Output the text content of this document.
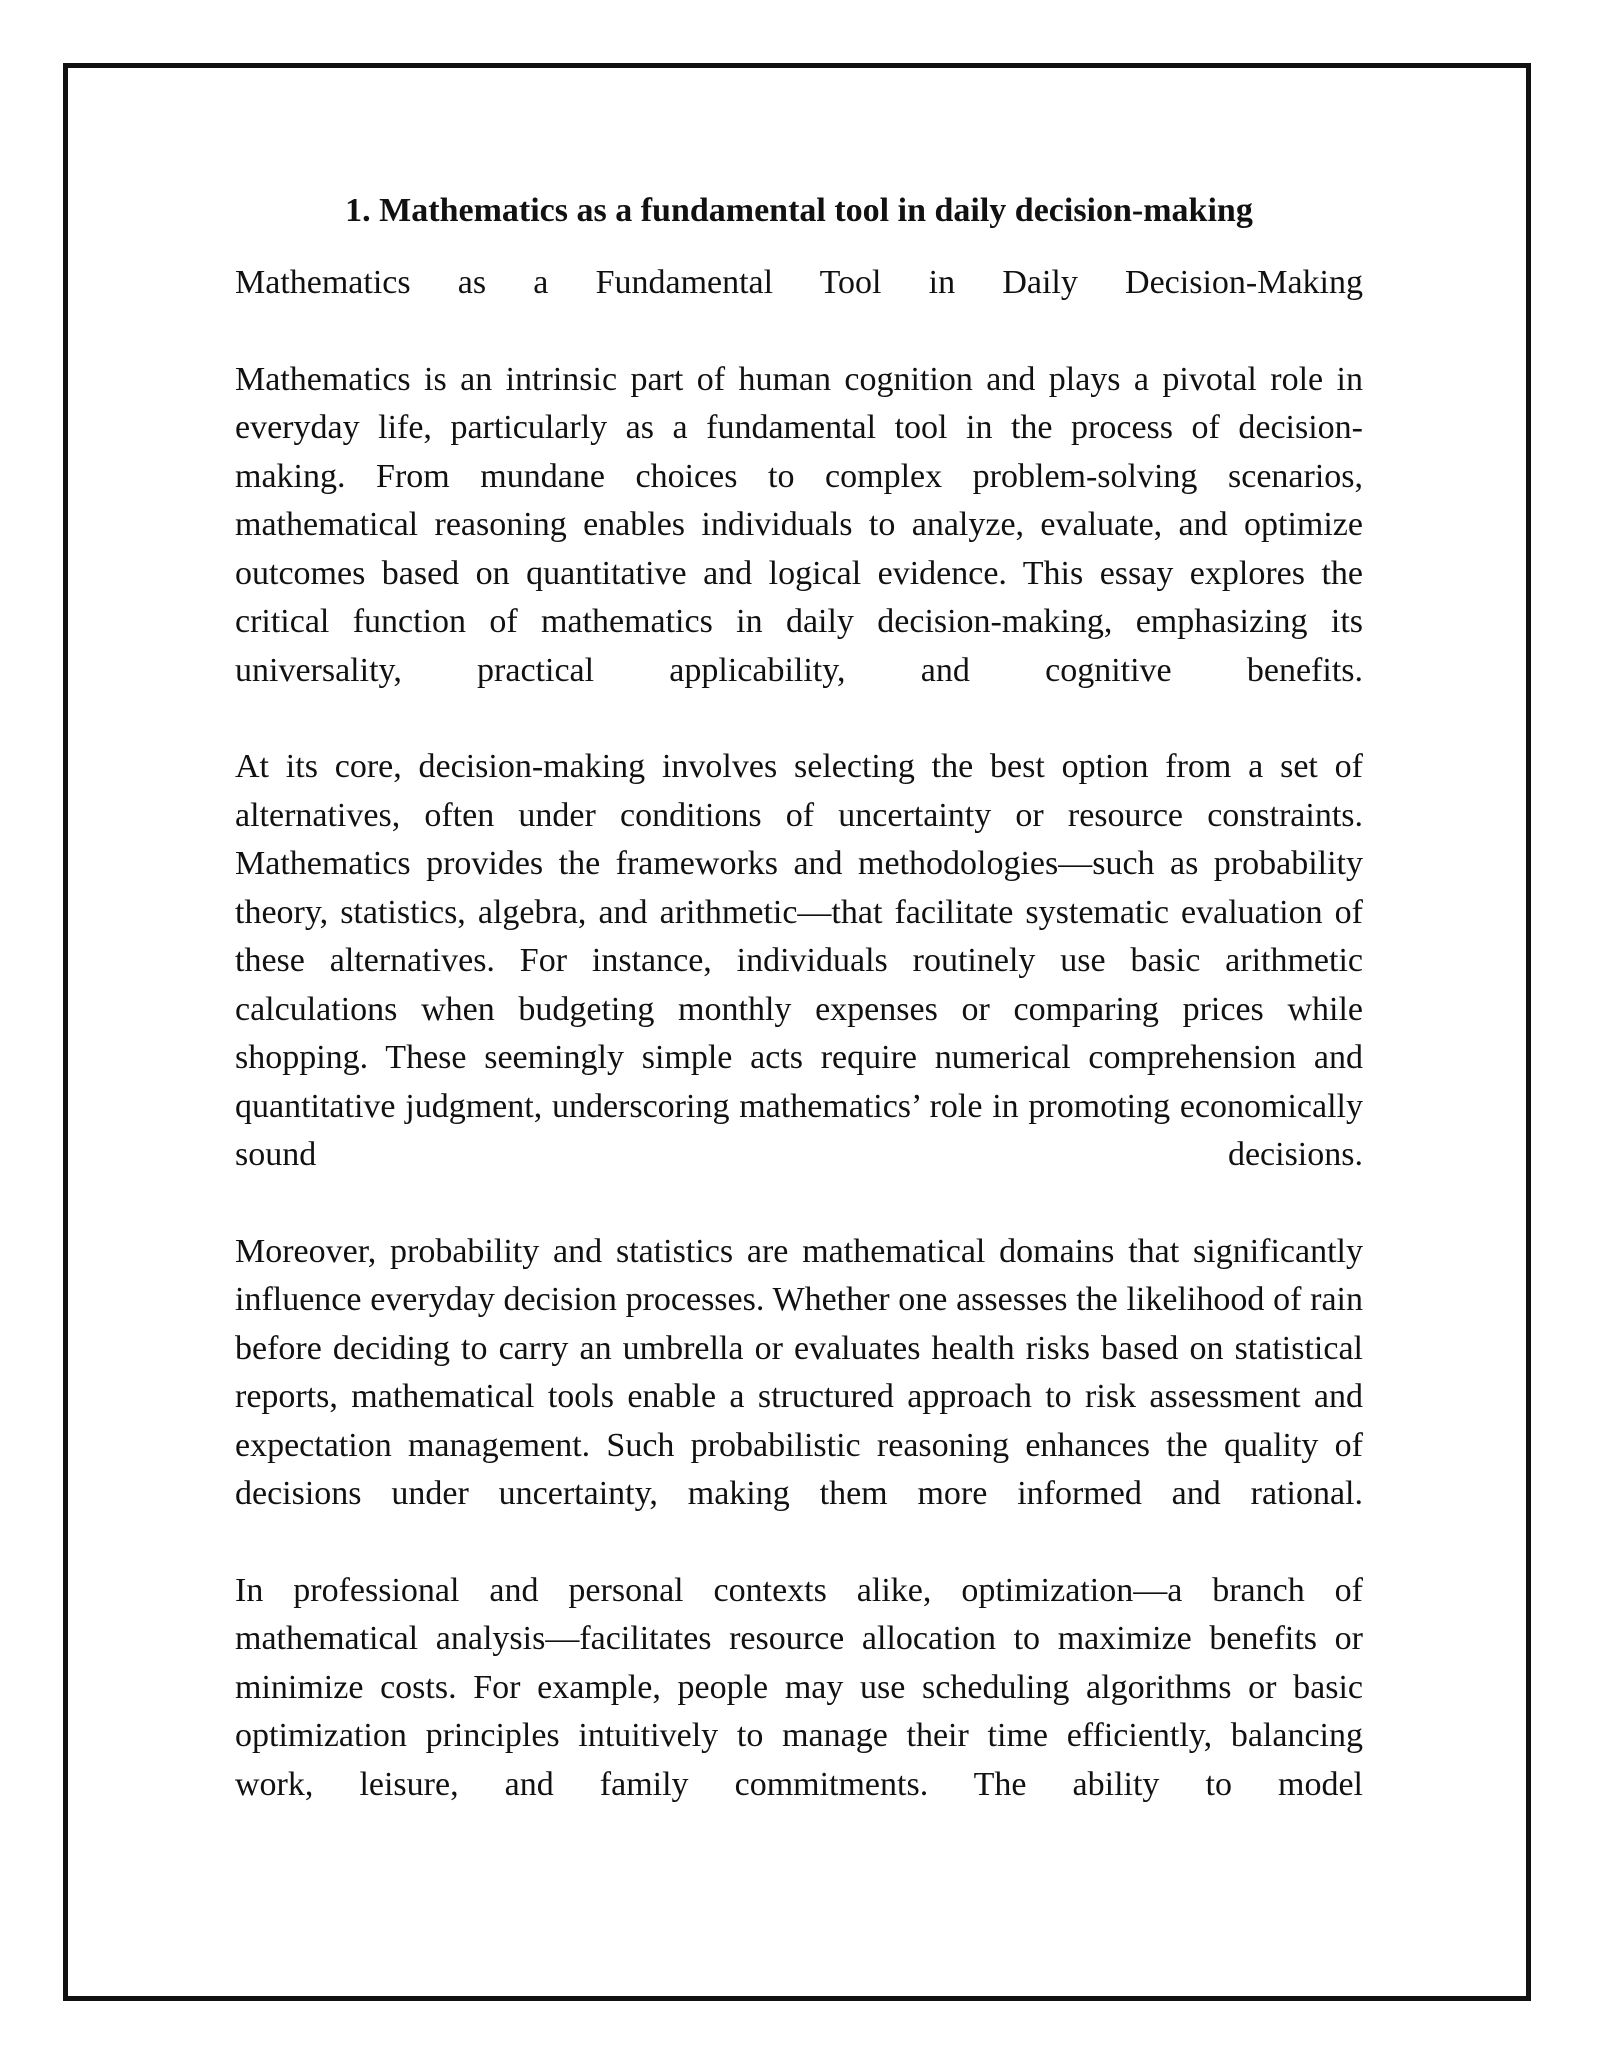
1. Mathematics as a fundamental tool in daily decision-making

Mathematics as a Fundamental Tool in Daily Decision-Making

Mathematics is an intrinsic part of human cognition and plays a pivotal role in everyday life, particularly as a fundamental tool in the process of decision-making. From mundane choices to complex problem-solving scenarios, mathematical reasoning enables individuals to analyze, evaluate, and optimize outcomes based on quantitative and logical evidence. This essay explores the critical function of mathematics in daily decision-making, emphasizing its universality, practical applicability, and cognitive benefits.

At its core, decision-making involves selecting the best option from a set of alternatives, often under conditions of uncertainty or resource constraints. Mathematics provides the frameworks and methodologies—such as probability theory, statistics, algebra, and arithmetic—that facilitate systematic evaluation of these alternatives. For instance, individuals routinely use basic arithmetic calculations when budgeting monthly expenses or comparing prices while shopping. These seemingly simple acts require numerical comprehension and quantitative judgment, underscoring mathematics’ role in promoting economically sound decisions.

Moreover, probability and statistics are mathematical domains that significantly influence everyday decision processes. Whether one assesses the likelihood of rain before deciding to carry an umbrella or evaluates health risks based on statistical reports, mathematical tools enable a structured approach to risk assessment and expectation management. Such probabilistic reasoning enhances the quality of decisions under uncertainty, making them more informed and rational.

In professional and personal contexts alike, optimization—a branch of mathematical analysis—facilitates resource allocation to maximize benefits or minimize costs. For example, people may use scheduling algorithms or basic optimization principles intuitively to manage their time efficiently, balancing work, leisure, and family commitments. The ability to model
